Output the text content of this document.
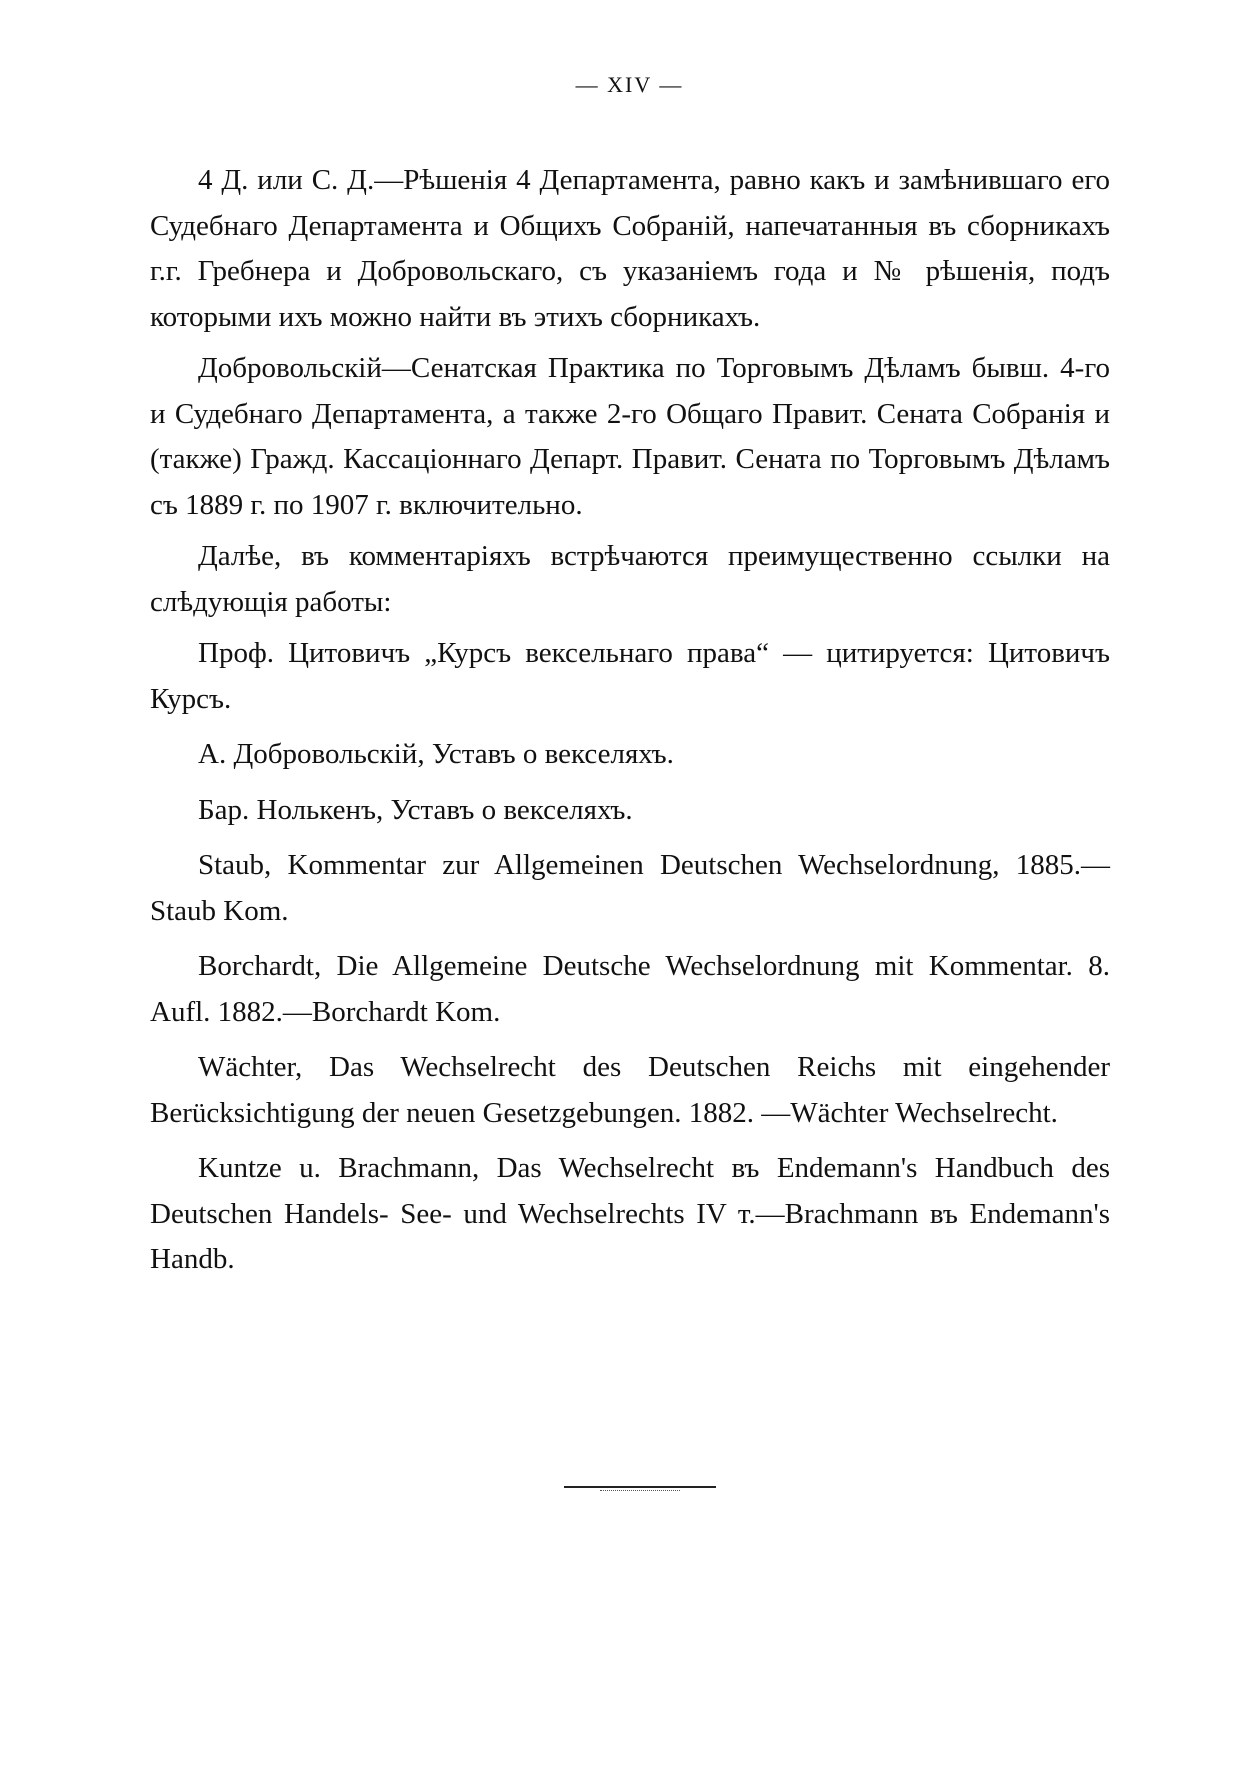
— XIV —

4 Д. или С. Д.—Рѣшенія 4 Департамента, равно какъ и замѣнившаго его Судебнаго Департамента и Общихъ Собраній, напечатанныя въ сборникахъ г.г. Гребнера и Добровольскаго, съ указаніемъ года и № рѣшенія, подъ которыми ихъ можно найти въ этихъ сборникахъ.

Добровольскій—Сенатская Практика по Торговымъ Дѣламъ бывш. 4-го и Судебнаго Департамента, а также 2-го Общаго Правит. Сената Собранія и (также) Гражд. Кассаціоннаго Департ. Правит. Сената по Торговымъ Дѣламъ съ 1889 г. по 1907 г. включительно.

Далѣе, въ комментаріяхъ встрѣчаются преимущественно ссылки на слѣдующія работы:

Проф. Цитовичъ „Курсъ вексельнаго права“ — цитируется: Цитовичъ Курсъ.

А. Добровольскій, Уставъ о векселяхъ.

Бар. Нолькенъ, Уставъ о векселяхъ.

Staub, Kommentar zur Allgemeinen Deutschen Wechselordnung, 1885.—Staub Kom.

Borchardt, Die Allgemeine Deutsche Wechselordnung mit Kommentar. 8. Aufl. 1882.—Borchardt Kom.

Wächter, Das Wechselrecht des Deutschen Reichs mit eingehender Berücksichtigung der neuen Gesetzgebungen. 1882. —Wächter Wechselrecht.

Kuntze u. Brachmann, Das Wechselrecht въ Endemann's Handbuch des Deutschen Handels- See- und Wechselrechts IV т.—Brachmann въ Endemann's Handb.
